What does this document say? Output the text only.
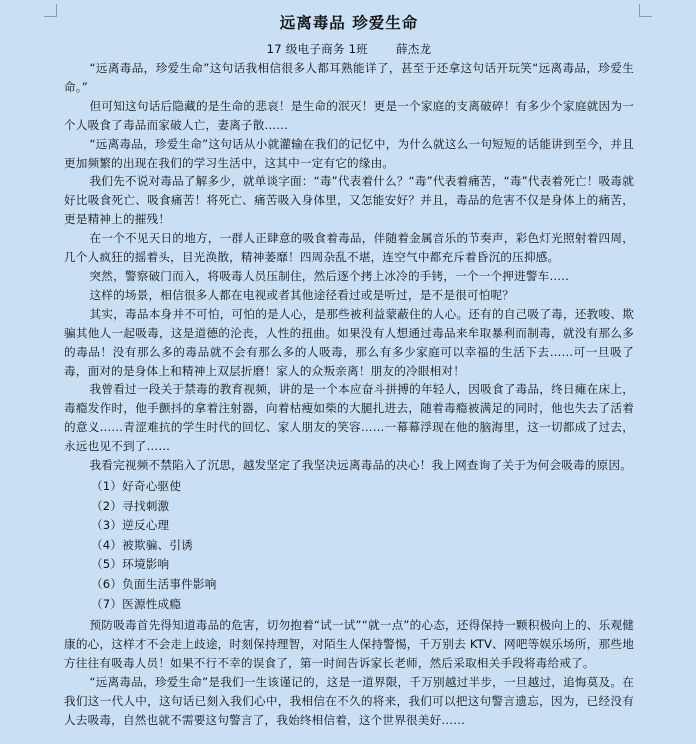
远离毒品 珍爱生命
17 级电子商务 1班 薛杰龙

“远离毒品，珍爱生命”这句话我相信很多人都耳熟能详了，甚至于还拿这句话开玩笑“远离毒品，珍爱生命。”

但可知这句话后隐藏的是生命的悲哀！是生命的泯灭！更是一个家庭的支离破碎！有多少个家庭就因为一个人吸食了毒品而家破人亡，妻离子散……

“远离毒品，珍爱生命”这句话从小就灌输在我们的记忆中，为什么就这么一句短短的话能讲到至今，并且更加频繁的出现在我们的学习生活中，这其中一定有它的缘由。

我们先不说对毒品了解多少，就单谈字面：“毒”代表着什么？“毒”代表着痛苦，“毒”代表着死亡！吸毒就好比吸食死亡、吸食痛苦！将死亡、痛苦吸入身体里，又怎能安好？并且，毒品的危害不仅是身体上的痛苦，更是精神上的摧残！

在一个不见天日的地方，一群人正肆意的吸食着毒品，伴随着金属音乐的节奏声，彩色灯光照射着四周，几个人疯狂的摇着头，目光涣散，精神萎靡！四周杂乱不堪，连空气中都充斥着昏沉的压抑感。

突然，警察破门而入，将吸毒人员压制住，然后逐个拷上冰冷的手铐，一个一个押进警车…..

这样的场景，相信很多人都在电视或者其他途径看过或是听过，是不是很可怕呢？

其实，毒品本身并不可怕，可怕的是人心，是那些被利益蒙蔽住的人心。还有的自己吸了毒，还教唆、欺骗其他人一起吸毒，这是道德的沦丧，人性的扭曲。如果没有人想通过毒品来牟取暴利而制毒，就没有那么多的毒品！没有那么多的毒品就不会有那么多的人吸毒，那么有多少家庭可以幸福的生活下去……可一旦吸了毒，面对的是身体上和精神上双层折磨！家人的众叛亲离！朋友的冷眼相对！

我曾看过一段关于禁毒的教育视频，讲的是一个本应奋斗拼搏的年轻人，因吸食了毒品，终日瘫在床上，毒瘾发作时，他手颤抖的拿着注射器，向着枯瘦如柴的大腿扎进去，随着毒瘾被满足的同时，他也失去了活着的意义……青涩难抗的学生时代的回忆、家人朋友的笑容……一幕幕浮现在他的脑海里，这一切都成了过去，永远也见不到了……

我看完视频不禁陷入了沉思，越发坚定了我坚决远离毒品的决心！我上网查询了关于为何会吸毒的原因。

（1）好奇心驱使
（2）寻找刺激
（3）逆反心理
（4）被欺骗、引诱
（5）环境影响
（6）负面生活事件影响
（7）医源性成瘾

预防吸毒首先得知道毒品的危害，切勿抱着“试一试”“就一点”的心态，还得保持一颗积极向上的、乐观健康的心，这样才不会走上歧途，时刻保持理智，对陌生人保持警惕，千万别去 KTV、网吧等娱乐场所，那些地方往往有吸毒人员！如果不行不幸的误食了，第一时间告诉家长老师，然后采取相关手段将毒给戒了。

“远离毒品，珍爱生命”是我们一生该谨记的，这是一道界限，千万别越过半步，一旦越过，追悔莫及。在我们这一代人中，这句话已刻入我们心中，我相信在不久的将来，我们可以把这句警言遗忘，因为，已经没有人去吸毒，自然也就不需要这句警言了，我始终相信着，这个世界很美好……
